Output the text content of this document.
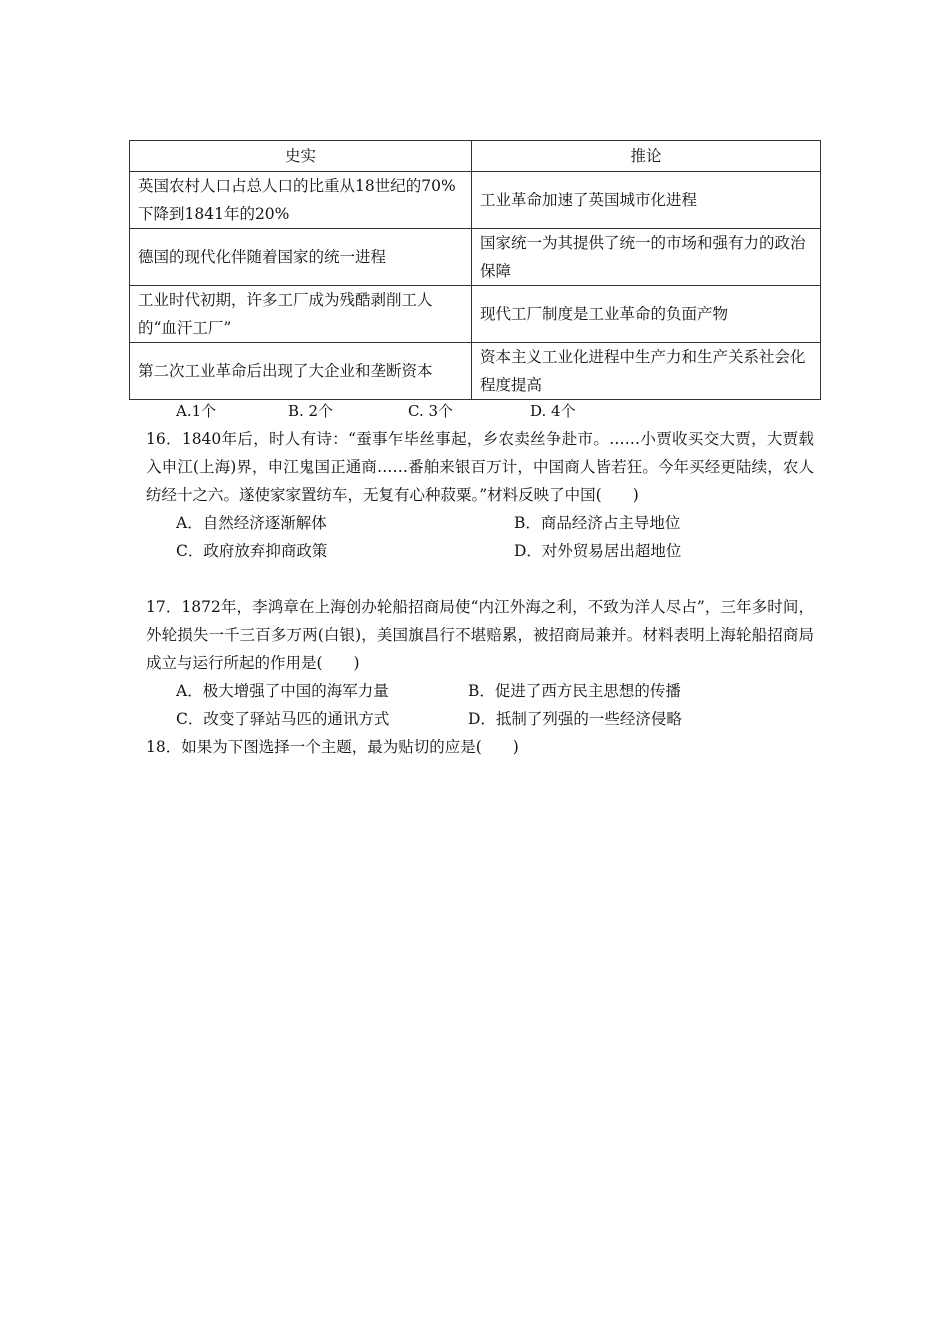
史实	推论
英国农村人口占总人口的比重从18世纪的70%下降到1841年的20%	工业革命加速了英国城市化进程
德国的现代化伴随着国家的统一进程	国家统一为其提供了统一的市场和强有力的政治保障
工业时代初期，许多工厂成为残酷剥削工人的“血汗工厂”	现代工厂制度是工业革命的负面产物
第二次工业革命后出现了大企业和垄断资本	资本主义工业化进程中生产力和生产关系社会化程度提高
A.1个	B. 2个	C. 3个	D. 4个

16．1840年后，时人有诗：“蚕事乍毕丝事起，乡农卖丝争赴市。……小贾收买交大贾，大贾载入申江(上海)界，申江鬼国正通商……番舶来银百万计，中国商人皆若狂。今年买经更陆续，农人纺经十之六。遂使家家置纺车，无复有心种菽粟。”材料反映了中国(　　)

A．自然经济逐渐解体	B．商品经济占主导地位
C．政府放弃抑商政策	D．对外贸易居出超地位

17．1872年，李鸿章在上海创办轮船招商局使“内江外海之利，不致为洋人尽占”，三年多时间，外轮损失一千三百多万两(白银)，美国旗昌行不堪赔累，被招商局兼并。材料表明上海轮船招商局成立与运行所起的作用是(　　)

A．极大增强了中国的海军力量	B．促进了西方民主思想的传播
C．改变了驿站马匹的通讯方式	D．抵制了列强的一些经济侵略

18．如果为下图选择一个主题，最为贴切的应是(　　)
